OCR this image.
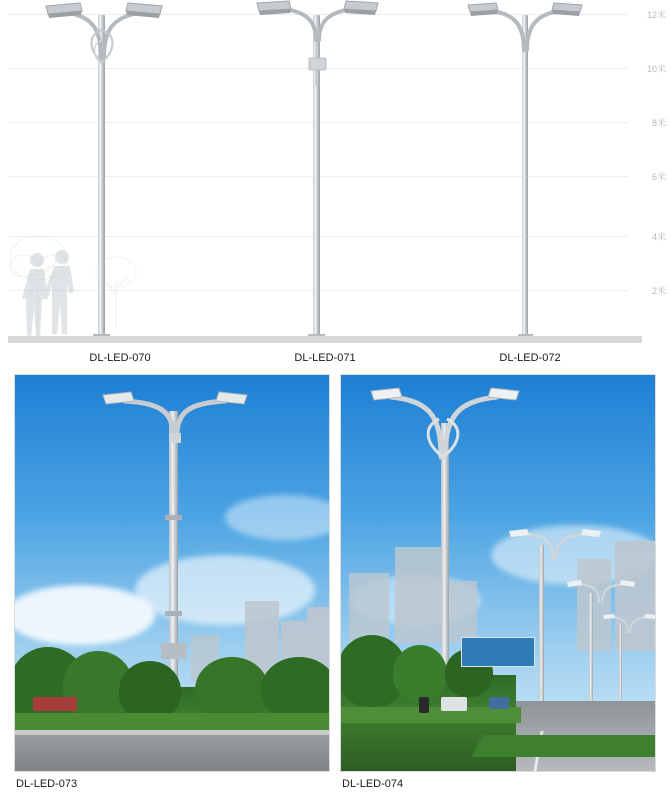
12米
10米
8米
6米
4米
2米
DL-LED-070	DL-LED-071	DL-LED-072
DL-LED-073	DL-LED-074
